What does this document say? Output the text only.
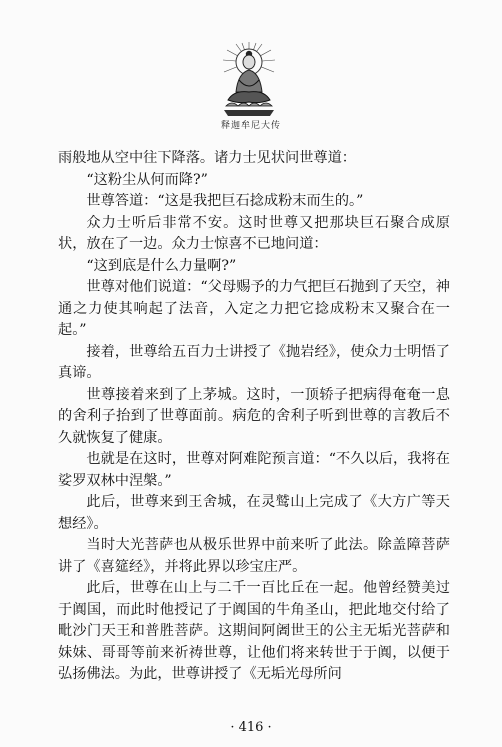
释迦牟尼大传

雨般地从空中往下降落。诸力士见状问世尊道：

“这粉尘从何而降?”

世尊答道：“这是我把巨石捻成粉末而生的。”

众力士听后非常不安。这时世尊又把那块巨石聚合成原状，放在了一边。众力士惊喜不已地问道：

“这到底是什么力量啊?”

世尊对他们说道：“父母赐予的力气把巨石抛到了天空，神通之力使其响起了法音，入定之力把它捻成粉末又聚合在一起。”

接着，世尊给五百力士讲授了《抛岩经》，使众力士明悟了真谛。

世尊接着来到了上茅城。这时，一顶轿子把病得奄奄一息的舍利子抬到了世尊面前。病危的舍利子听到世尊的言教后不久就恢复了健康。

也就是在这时，世尊对阿难陀预言道：“不久以后，我将在娑罗双林中涅槃。”

此后，世尊来到王舍城，在灵鹫山上完成了《大方广等天想经》。

当时大光菩萨也从极乐世界中前来听了此法。除盖障菩萨讲了《喜筵经》，并将此界以珍宝庄严。

此后，世尊在山上与二千一百比丘在一起。他曾经赞美过于阗国，而此时他授记了于阗国的牛角圣山，把此地交付给了毗沙门天王和普胜菩萨。这期间阿阇世王的公主无垢光菩萨和妹妹、哥哥等前来祈祷世尊，让他们将来转世于于阗，以便于弘扬佛法。为此，世尊讲授了《无垢光母所问

· 416 ·
